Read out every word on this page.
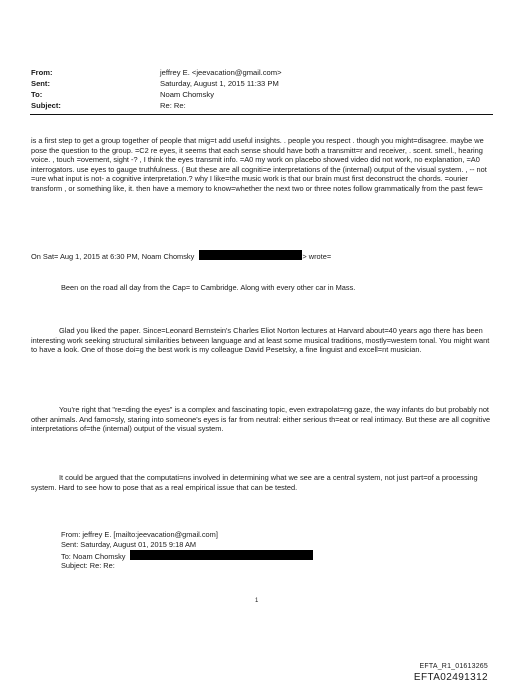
From:	jeffrey E. <jeevacation@gmail.com>
Sent:	Saturday, August 1, 2015 11:33 PM
To:	Noam Chomsky
Subject:	Re: Re:
is a first step to get a group together of people that mig=t add useful insights. . people you respect . though you might=disagree. maybe we pose the question to the group. =C2 re eyes, it seems that each sense should have both a transmitt=r and receiver, . scent. smell., hearing voice. , touch =ovement, sight -? , I think the eyes transmit info. =A0 my work on placebo showed video did not work, no explanation, =A0 interrogators. use eyes to gauge truthfulness. ( But these are all cogniti=e interpretations of the (internal) output of the visual system. , -- not =ure what input is not- a cognitive interpretation.? why I like=the music work is that our brain must first deconstruct the chords. =ourier transform , or something like, it. then have a memory to know=whether the next two or three notes follow grammatically from the past few=
On Sat= Aug 1, 2015 at 6:30 PM, Noam Chomsky	> wrote=
Been on the road all day from the Cap= to Cambridge. Along with every other car in Mass.
Glad you liked the paper. Since=Leonard Bernstein's Charles Eliot Norton lectures at Harvard about=40 years ago there has been interesting work seeking structural similarities between language and at least some musical traditions, mostly=western tonal. You might want to have a look. One of those doi=g the best work is my colleague David Pesetsky, a fine linguist and excell=nt musician.
You're right that "re=ding the eyes" is a complex and fascinating topic, even extrapolat=ng gaze, the way infants do but probably not other animals. And famo=sly, staring into someone's eyes is far from neutral: either serious th=eat or real intimacy. But these are all cognitive interpretations of=the (internal) output of the visual system.
It could be argued that the computati=ns involved in determining what we see are a central system, not just part=of a processing system. Hard to see how to pose that as a real empirical issue that can be tested.
From: jeffrey E. [mailto:jeevacation@gmail.com]
Sent: Saturday, August 01, 2015 9:18 AM
To: Noam Chomsky
Subject: Re: Re:
1
EFTA_R1_01613265
EFTA02491312
